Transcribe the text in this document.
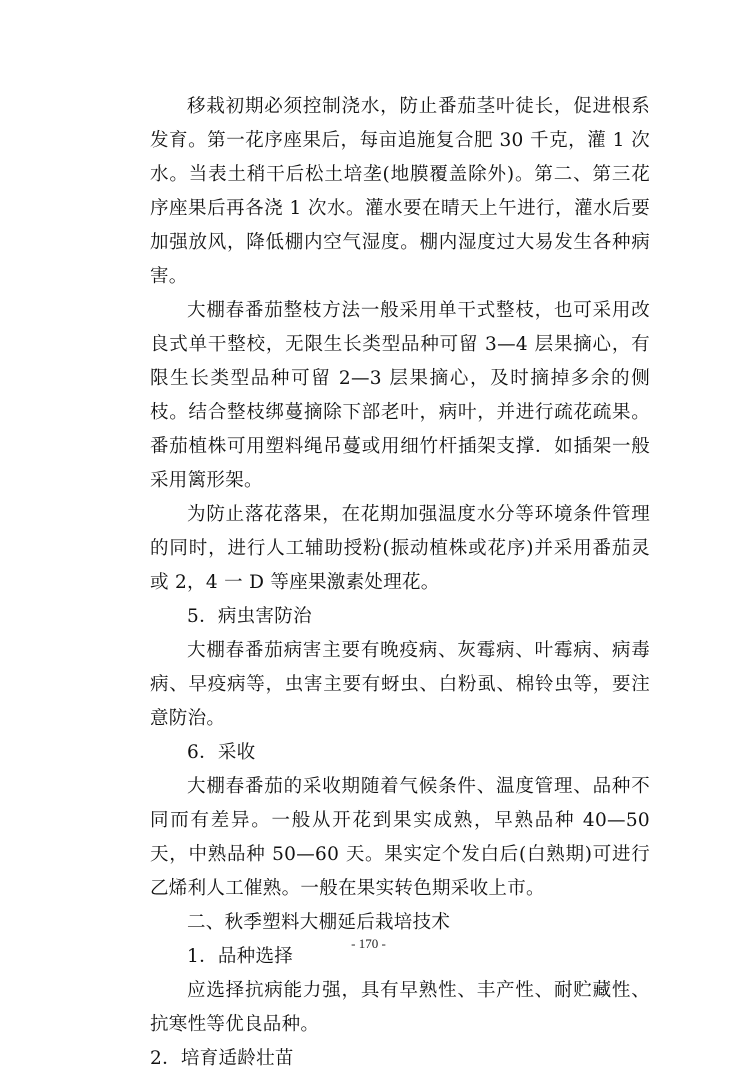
移栽初期必须控制浇水，防止番茄茎叶徒长，促进根系发育。第一花序座果后，每亩追施复合肥 30 千克，灌 1 次水。当表土稍干后松土培垄(地膜覆盖除外)。第二、第三花序座果后再各浇 1 次水。灌水要在晴天上午进行，灌水后要加强放风，降低棚内空气湿度。棚内湿度过大易发生各种病害。

大棚春番茄整枝方法一般采用单干式整枝，也可采用改良式单干整校，无限生长类型品种可留 3—4 层果摘心，有限生长类型品种可留 2—3 层果摘心，及时摘掉多余的侧枝。结合整枝绑蔓摘除下部老叶，病叶，并进行疏花疏果。番茄植株可用塑料绳吊蔓或用细竹杆插架支撑．如插架一般采用篱形架。

为防止落花落果，在花期加强温度水分等环境条件管理的同时，进行人工辅助授粉(振动植株或花序)并采用番茄灵或 2，4 一 D 等座果激素处理花。

5．病虫害防治

大棚春番茄病害主要有晚疫病、灰霉病、叶霉病、病毒病、早疫病等，虫害主要有蚜虫、白粉虱、棉铃虫等，要注意防治。

6．采收

大棚春番茄的采收期随着气候条件、温度管理、品种不同而有差异。一般从开花到果实成熟，早熟品种 40—50 天，中熟品种 50—60 天。果实定个发白后(白熟期)可进行乙烯利人工催熟。一般在果实转色期采收上市。

二、秋季塑料大棚延后栽培技术

1．品种选择

应选择抗病能力强，具有早熟性、丰产性、耐贮藏性、抗寒性等优良品种。

2．培育适龄壮苗

- 170 -
